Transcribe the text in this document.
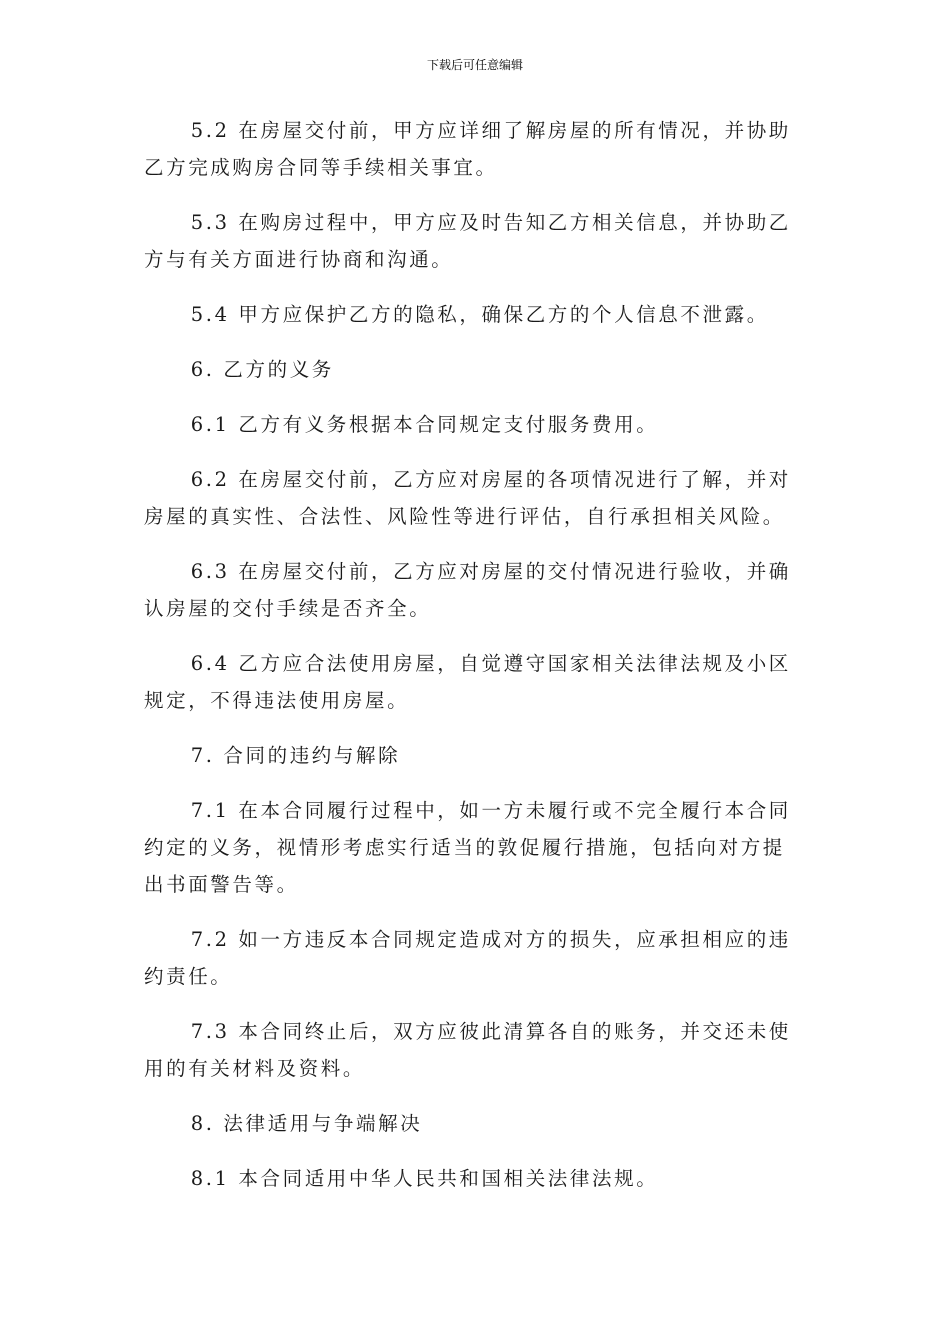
下载后可任意编辑

5.2 在房屋交付前，甲方应详细了解房屋的所有情况，并协助乙方完成购房合同等手续相关事宜。

5.3 在购房过程中，甲方应及时告知乙方相关信息，并协助乙方与有关方面进行协商和沟通。

5.4 甲方应保护乙方的隐私，确保乙方的个人信息不泄露。

6. 乙方的义务

6.1 乙方有义务根据本合同规定支付服务费用。

6.2 在房屋交付前，乙方应对房屋的各项情况进行了解，并对房屋的真实性、合法性、风险性等进行评估，自行承担相关风险。

6.3 在房屋交付前，乙方应对房屋的交付情况进行验收，并确认房屋的交付手续是否齐全。

6.4 乙方应合法使用房屋，自觉遵守国家相关法律法规及小区规定，不得违法使用房屋。

7. 合同的违约与解除

7.1 在本合同履行过程中，如一方未履行或不完全履行本合同约定的义务，视情形考虑实行适当的敦促履行措施，包括向对方提出书面警告等。

7.2 如一方违反本合同规定造成对方的损失，应承担相应的违约责任。

7.3 本合同终止后，双方应彼此清算各自的账务，并交还未使用的有关材料及资料。

8. 法律适用与争端解决

8.1 本合同适用中华人民共和国相关法律法规。
